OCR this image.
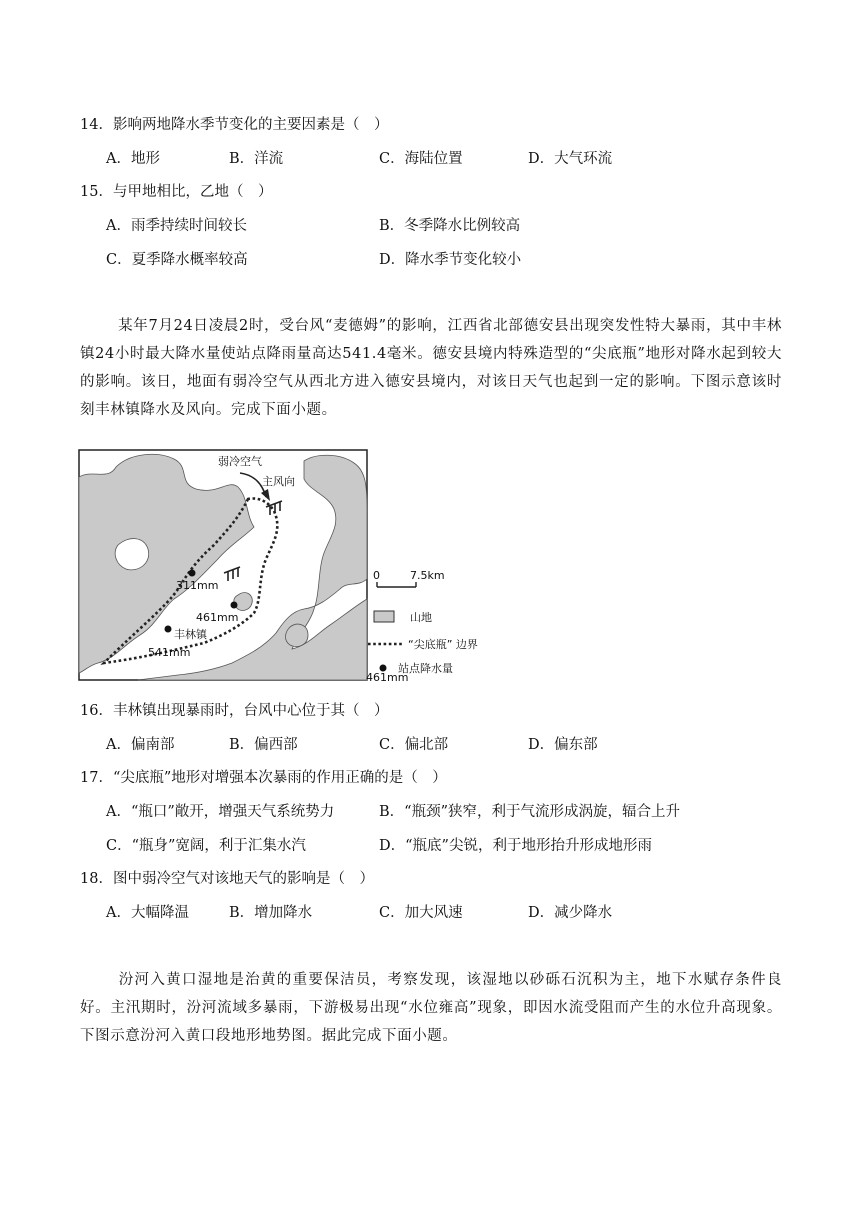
14．影响两地降水季节变化的主要因素是（　）
A．地形	B．洋流	C．海陆位置	D．大气环流
15．与甲地相比，乙地（　）
A．雨季持续时间较长	B．冬季降水比例较高
C．夏季降水概率较高	D．降水季节变化较小
某年7月24日凌晨2时，受台风“麦德姆”的影响，江西省北部德安县出现突发性特大暴雨，其中丰林镇24小时最大降水量使站点降雨量高达541.4毫米。德安县境内特殊造型的“尖底瓶”地形对降水起到较大的影响。该日，地面有弱冷空气从西北方进入德安县境内，对该日天气也起到一定的影响。下图示意该时刻丰林镇降水及风向。完成下面小题。
弱冷空气
主风向
311mm
461mm
丰林镇
541mm
461mm
0	7.5km
山地
“尖底瓶” 边界
站点降水量
16．丰林镇出现暴雨时，台风中心位于其（　）
A．偏南部	B．偏西部	C．偏北部	D．偏东部
17．“尖底瓶”地形对增强本次暴雨的作用正确的是（　）
A．“瓶口”敞开，增强天气系统势力	B．“瓶颈”狭窄，利于气流形成涡旋，辐合上升
C．“瓶身”宽阔，利于汇集水汽	D．“瓶底”尖锐，利于地形抬升形成地形雨
18．图中弱冷空气对该地天气的影响是（　）
A．大幅降温	B．增加降水	C．加大风速	D．减少降水
汾河入黄口湿地是治黄的重要保洁员，考察发现，该湿地以砂砾石沉积为主，地下水赋存条件良好。主汛期时，汾河流域多暴雨，下游极易出现“水位雍高”现象，即因水流受阻而产生的水位升高现象。下图示意汾河入黄口段地形地势图。据此完成下面小题。
